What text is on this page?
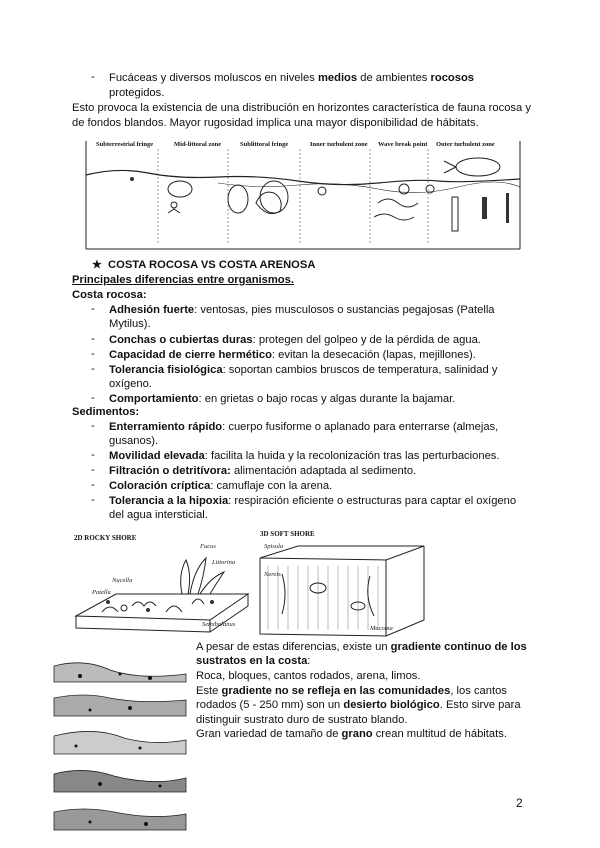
-	Fucáceas y diversos moluscos en niveles medios de ambientes rocosos
protegidos.
Esto provoca la existencia de una distribución en horizontes característica de fauna rocosa y
de fondos blandos. Mayor rugosidad implica una mayor disponibilidad de hábitats.
Subterrestrial fringe	Mid-littoral zone	Sublittoral fringe	Inner turbulent zone Wave break point Outer turbulent zone
★ COSTA ROCOSA VS COSTA ARENOSA
Principales diferencias entre organismos.
Costa rocosa:
-	Adhesión fuerte: ventosas, pies musculosos o sustancias pegajosas (Patella
Mytilus).
-	Conchas o cubiertas duras: protegen del golpeo y de la pérdida de agua.
-	Capacidad de cierre hermético: evitan la desecación (lapas, mejillones).
-	Tolerancia fisiológica: soportan cambios bruscos de temperatura, salinidad y
oxígeno.
-	Comportamiento: en grietas o bajo rocas y algas durante la bajamar.
Sedimentos:
-	Enterramiento rápido: cuerpo fusiforme o aplanado para enterrarse (almejas,
gusanos).
-	Movilidad elevada: facilita la huida y la recolonización tras las perturbaciones.
-	Filtración o detritívora: alimentación adaptada al sedimento.
-	Coloración críptica: camuflaje con la arena.
-	Tolerancia a la hipoxia: respiración eficiente o estructuras para captar el oxígeno
del agua intersticial.
2D ROCKY SHORE
Fucus
Littorina
Nucella
Patella
Semibalanus
3D SOFT SHORE
Spisula
Nereis
Macoma
A pesar de estas diferencias, existe un gradiente continuo de los
sustratos en la costa:
Roca, bloques, cantos rodados, arena, limos.
Este gradiente no se refleja en las comunidades, los cantos
rodados (5 - 250 mm) son un desierto biológico. Esto sirve para
distinguir sustrato duro de sustrato blando.
Gran variedad de tamaño de grano crean multitud de hábitats.
2
